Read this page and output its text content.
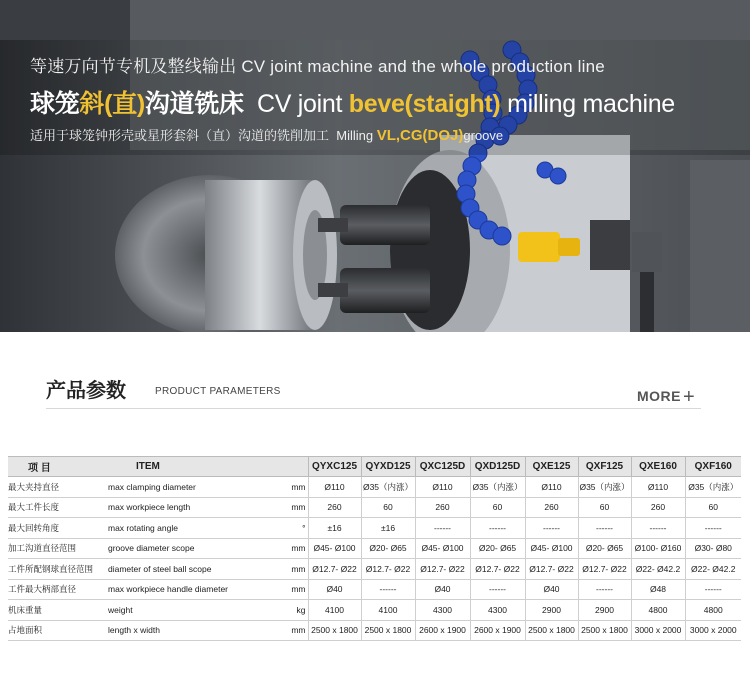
等速万向节专机及整线输出 CV joint machine and the whole production line
球笼斜(直)沟道铣床 CV joint beve(staight) milling machine
适用于球笼钟形壳或星形套斜（直）沟道的铣削加工 Milling VL,CG(DOJ)groove
产品参数	PRODUCT PARAMETERS	MORE +
项 目	ITEM		QYXC125	QYXD125	QXC125D	QXD125D	QXE125	QXF125	QXE160	QXF160
最大夹持直径	max clamping diameter	mm	Ø110	Ø35（内涨）	Ø110	Ø35（内涨）	Ø110	Ø35（内涨）	Ø110	Ø35（内涨）
最大工件长度	max workpiece length	mm	260	60	260	60	260	60	260	60
最大回转角度	max rotating angle	°	±16	±16	------	------	------	------	------	------
加工沟道直径范围	groove diameter scope	mm	Ø45- Ø100	Ø20- Ø65	Ø45- Ø100	Ø20- Ø65	Ø45- Ø100	Ø20- Ø65	Ø100- Ø160	Ø30- Ø80
工件所配钢球直径范围	diameter of steel ball scope	mm	Ø12.7- Ø22	Ø12.7- Ø22	Ø12.7- Ø22	Ø12.7- Ø22	Ø12.7- Ø22	Ø12.7- Ø22	Ø22- Ø42.2	Ø22- Ø42.2
工件最大柄部直径	max workpiece handle diameter	mm	Ø40	------	Ø40	------	Ø40	------	Ø48	------
机床重量	weight	kg	4100	4100	4300	4300	2900	2900	4800	4800
占地面积	length x width	mm	2500 x 1800	2500 x 1800	2600 x 1900	2600 x 1900	2500 x 1800	2500 x 1800	3000 x 2000	3000 x 2000
